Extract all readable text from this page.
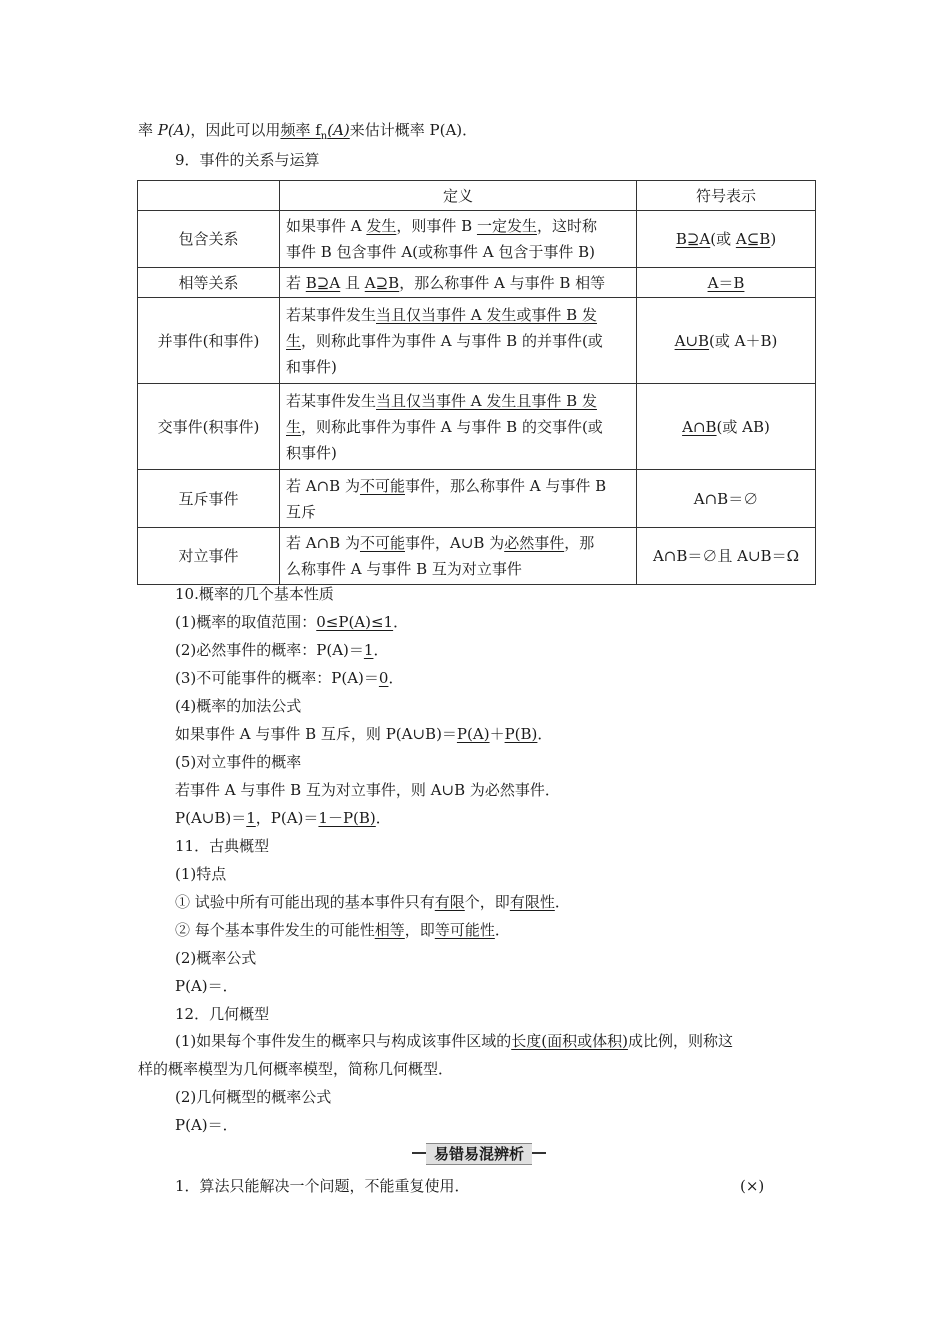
率 P(A)，因此可以用频率 $f_n(A)$来估计概率 P(A)．
9．事件的关系与运算
	定义	符号表示
包含关系	如果事件 A 发生，则事件 B 一定发生，这时称
事件 B 包含事件 A(或称事件 A 包含于事件 B)	B⊇A(或 A⊆B)
相等关系	若 B⊇A 且 A⊇B，那么称事件 A 与事件 B 相等	A＝B
并事件(和事件)	若某事件发生当且仅当事件 A 发生或事件 B 发
生，则称此事件为事件 A 与事件 B 的并事件(或
和事件)	A∪B(或 A＋B)
交事件(积事件)	若某事件发生当且仅当事件 A 发生且事件 B 发
生，则称此事件为事件 A 与事件 B 的交事件(或
积事件)	A∩B(或 AB)
互斥事件	若 A∩B 为不可能事件，那么称事件 A 与事件 B
互斥	A∩B＝∅
对立事件	若 A∩B 为不可能事件，A∪B 为必然事件，那
么称事件 A 与事件 B 互为对立事件	A∩B＝∅且 A∪B＝Ω
10.概率的几个基本性质
(1)概率的取值范围：0≤P(A)≤1．
(2)必然事件的概率：P(A)＝1．
(3)不可能事件的概率：P(A)＝0．
(4)概率的加法公式
如果事件 A 与事件 B 互斥，则 P(A∪B)＝P(A)＋P(B)．
(5)对立事件的概率
若事件 A 与事件 B 互为对立事件，则 A∪B 为必然事件．
P(A∪B)＝1，P(A)＝1－P(B)．
11．古典概型
(1)特点
① 试验中所有可能出现的基本事件只有有限个，即有限性．
② 每个基本事件发生的可能性相等，即等可能性．
(2)概率公式
P(A)＝．
12．几何概型
(1)如果每个事件发生的概率只与构成该事件区域的长度(面积或体积)成比例，则称这
样的概率模型为几何概率模型，简称几何概型．
(2)几何概型的概率公式
P(A)＝．
易错易混辨析
1．算法只能解决一个问题，不能重复使用．	(×)
